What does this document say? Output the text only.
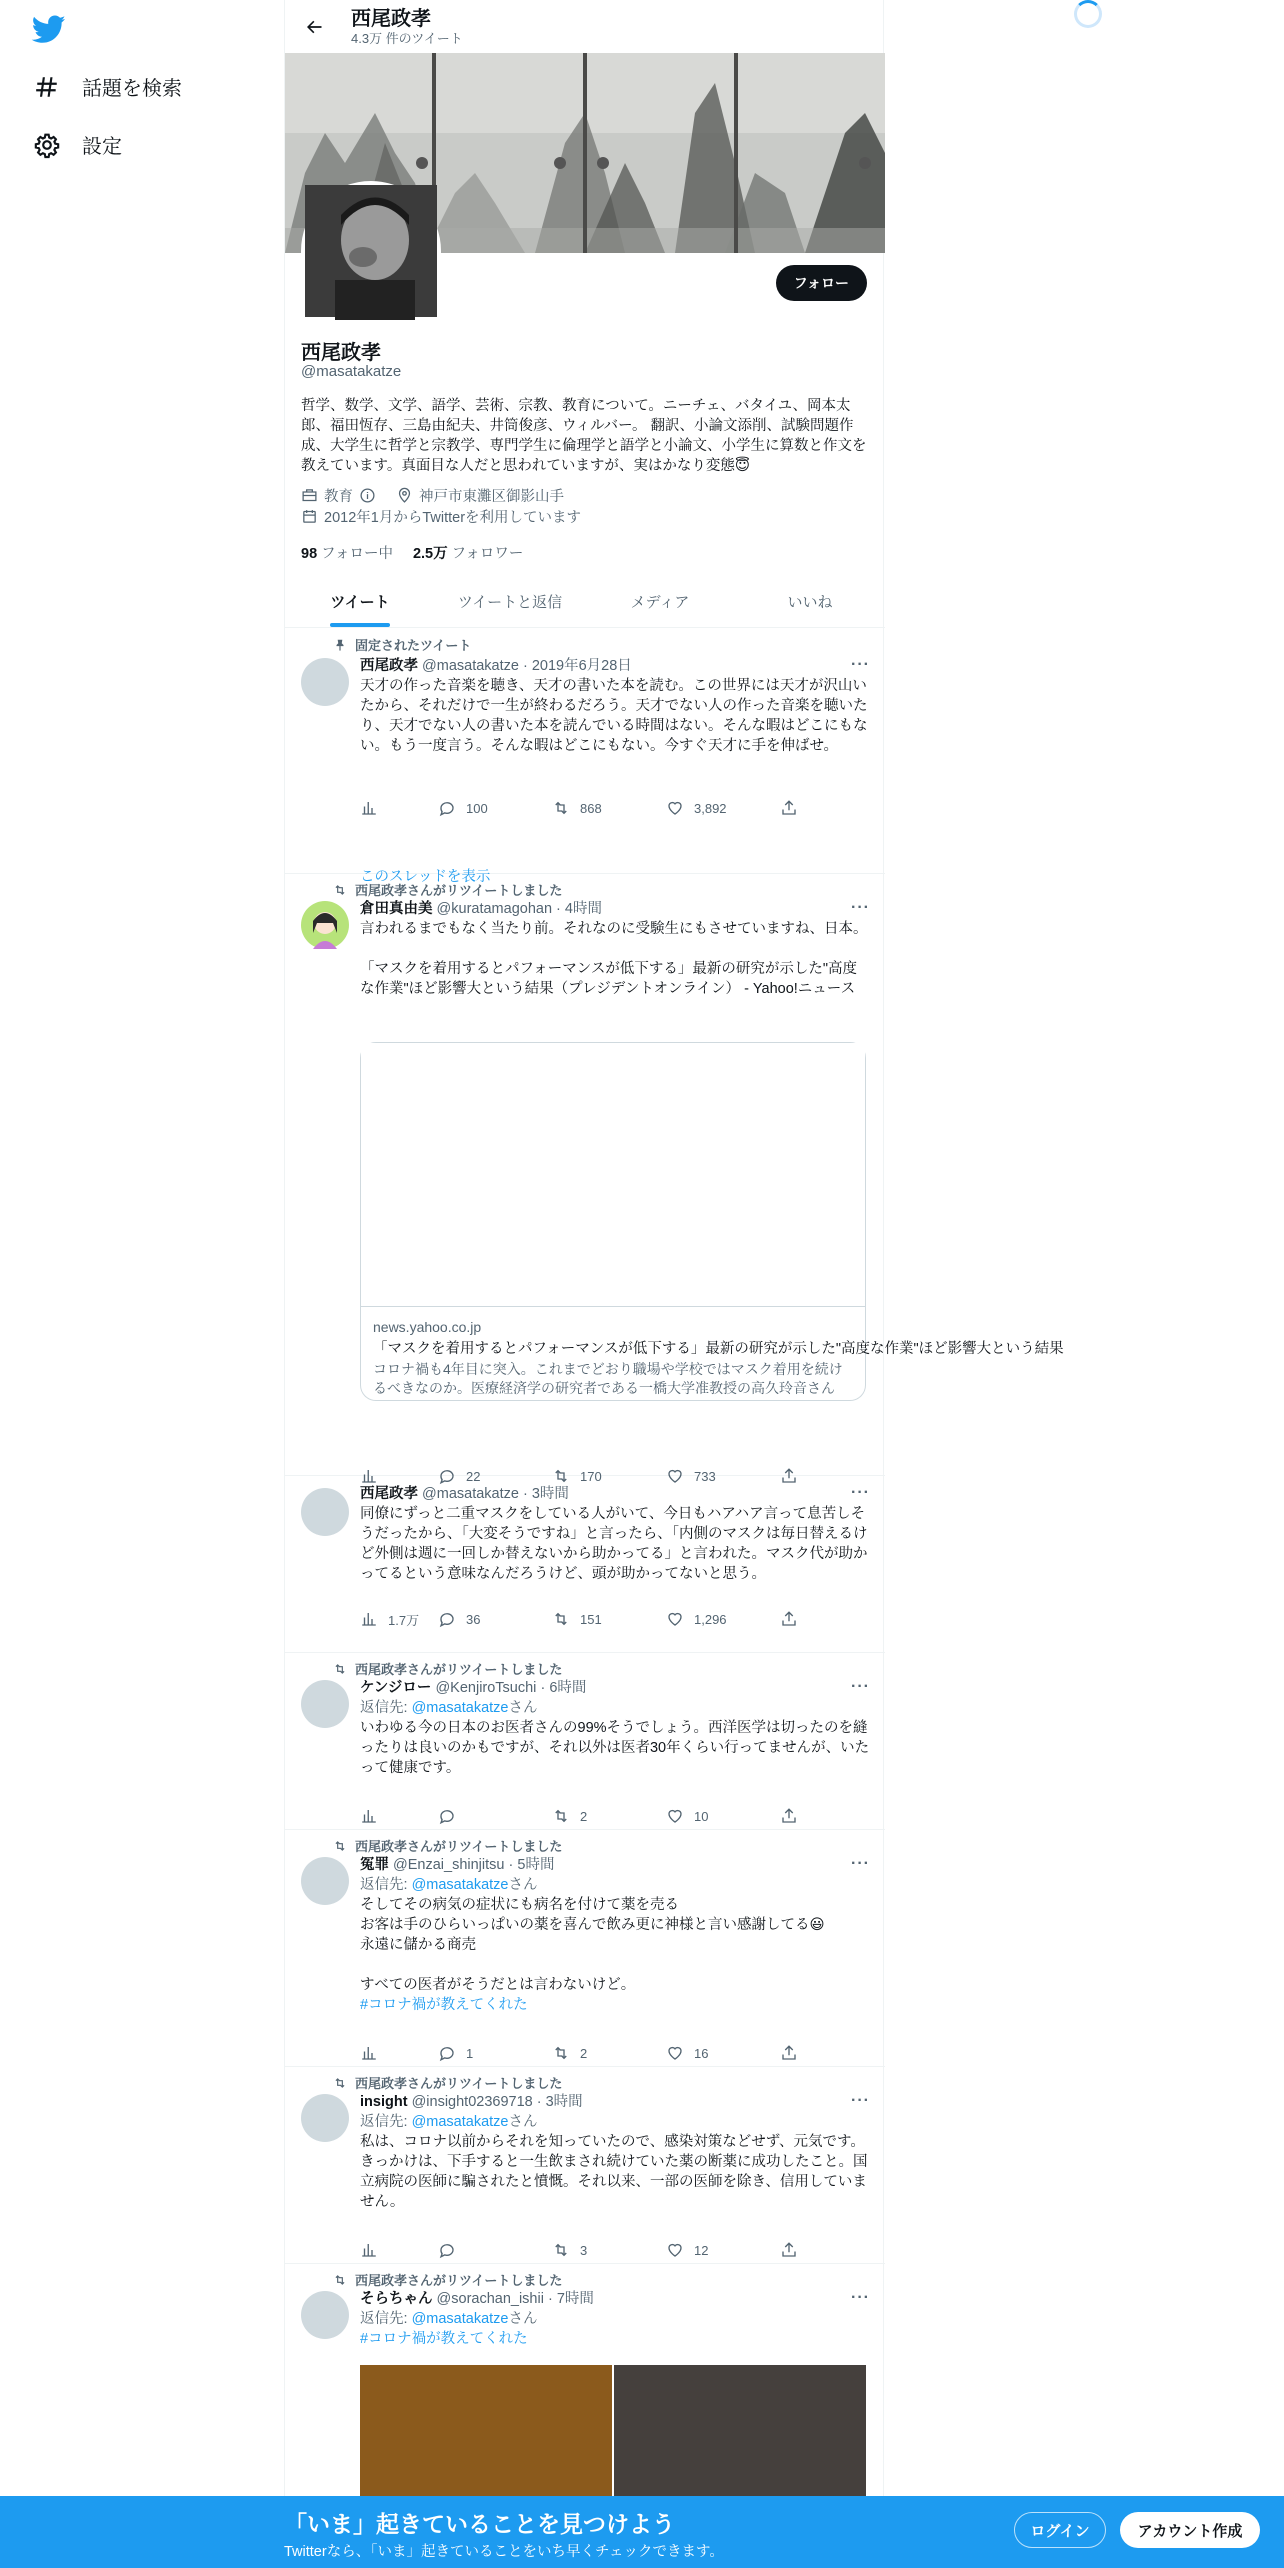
話題を検索
設定
西尾政孝
4.3万 件のツイート
フォロー
西尾政孝
@masatakatze
哲学、数学、文学、語学、芸術、宗教、教育について。ニーチェ、バタイユ、岡本太郎、福田恆存、三島由紀夫、井筒俊彦、ウィルバー。 翻訳、小論文添削、試験問題作成、大学生に哲学と宗教学、専門学生に倫理学と語学と小論文、小学生に算数と作文を教えています。真面目な人だと思われていますが、実はかなり変態😇
教育	神戸市東灘区御影山手
2012年1月からTwitterを利用しています
98 フォロー中 2.5万 フォロワー
ツイート	ツイートと返信	メディア	いいね
固定されたツイート
西尾政孝 @masatakatze · 2019年6月28日	···
天才の作った音楽を聴き、天才の書いた本を読む。この世界には天才が沢山いたから、それだけで一生が終わるだろう。天才でない人の作った音楽を聴いたり、天才でない人の書いた本を読んでいる時間はない。そんな暇はどこにもない。もう一度言う。そんな暇はどこにもない。今すぐ天才に手を伸ばせ。
100	868	3,892
このスレッドを表示
西尾政孝さんがリツイートしました
倉田真由美 @kuratamagohan · 4時間	···
言われるまでもなく当たり前。それなのに受験生にもさせていますね、日本。

「マスクを着用するとパフォーマンスが低下する」最新の研究が示した"高度な作業"ほど影響大という結果（プレジデントオンライン） - Yahoo!ニュース
news.yahoo.co.jp
「マスクを着用するとパフォーマンスが低下する」最新の研究が示した"高度な作業"ほど影響大という結果
コロナ禍も4年目に突入。これまでどおり職場や学校ではマスク着用を続けるべきなのか。医療経済学の研究者である一橋大学准教授の高久玲音さん
22	170	733
西尾政孝 @masatakatze · 3時間	···
同僚にずっと二重マスクをしている人がいて、今日もハアハア言って息苦しそうだったから、「大変そうですね」と言ったら、「内側のマスクは毎日替えるけど外側は週に一回しか替えないから助かってる」と言われた。マスク代が助かってるという意味なんだろうけど、頭が助かってないと思う。
1.7万	36	151	1,296
西尾政孝さんがリツイートしました
ケンジロー @KenjiroTsuchi · 6時間	···
返信先: @masatakatzeさん
いわゆる今の日本のお医者さんの99%そうでしょう。西洋医学は切ったのを縫ったりは良いのかもですが、それ以外は医者30年くらい行ってませんが、いたって健康です。
2	10
西尾政孝さんがリツイートしました
冤罪 @Enzai_shinjitsu · 5時間	···
返信先: @masatakatzeさん
そしてその病気の症状にも病名を付けて薬を売る
お客は手のひらいっぱいの薬を喜んで飲み更に神様と言い感謝してる😃
永遠に儲かる商売

すべての医者がそうだとは言わないけど。
#コロナ禍が教えてくれた
1	2	16
西尾政孝さんがリツイートしました
insight @insight02369718 · 3時間	···
返信先: @masatakatzeさん
私は、コロナ以前からそれを知っていたので、感染対策などせず、元気です。きっかけは、下手すると一生飲まされ続けていた薬の断薬に成功したこと。国立病院の医師に騙されたと憤慨。それ以来、一部の医師を除き、信用していません。
3	12
西尾政孝さんがリツイートしました
そらちゃん @sorachan_ishii · 7時間	···
返信先: @masatakatzeさん
#コロナ禍が教えてくれた
「いま」起きていることを見つけよう
Twitterなら、「いま」起きていることをいち早くチェックできます。
ログイン	アカウント作成
